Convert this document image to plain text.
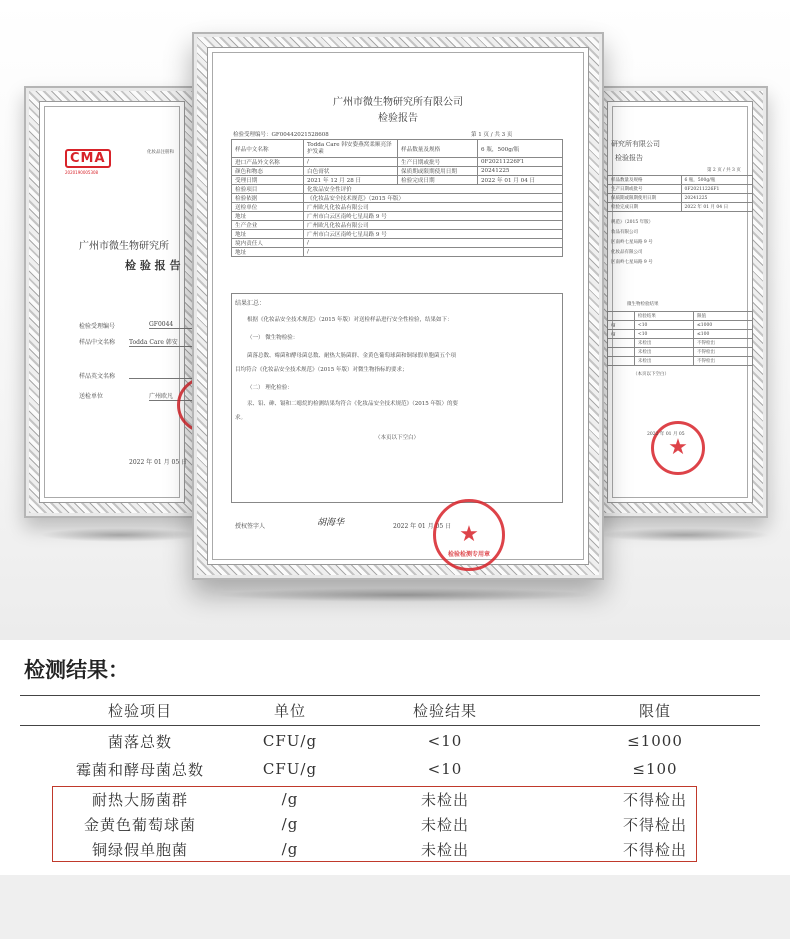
CMA
2020190005308
化妆品注册和
广州市微生物研究所
检 验 报 告
检验受理编号	GF0044
样品中文名称 Todda Care 韩安
样品英文名称
送检单位	广州欧凡
2022 年 01 月 05 日
研究所有限公司
检验报告
第 2 页 / 共 3 页
样品数量及规格	6 瓶，500g/瓶
生产日期或批号	0F20211226F1
保质期或限期使用日期	20241225
检验完成日期	2022 年 01 月 04 日
规范》（2015 年版）
妆品有限公司
区南岭七星局路 9 号
化妆品有限公司
区南岭七星局路 9 号
微生物检验结果
	检验结果	限值
/g	<10	≤1000
/g	<10	≤100
	未检出	不得检出
	未检出	不得检出
	未检出	不得检出
（本页以下空白）
★
2022 年 01 月 05
广州市微生物研究所有限公司
检验报告
检验受理编号：GF0044202152860​8	第 1 页 / 共 3 页
样品中文名称	Todda Care 韩安姿燕窝柔顺亮泽护发素	样品数量及规格	6 瓶，500g/瓶
进口产品外文名称	/	生产日期或批号	0F20211226F1
颜色和物态	白色膏状	保质期或限期使用日期	20241225
受理日期	2021 年 12 月 28 日	检验完成日期	2022 年 01 月 04 日
检验项目	化妆品安全性评价		
检验依据	《化妆品安全技术规范》（2015 年版）		
送检单位	广州欧凡化妆品有限公司		
地址	广州市白云区南岭七星局路 9 号		
生产企业	广州欧凡化妆品有限公司		
地址	广州市白云区南岭七星局路 9 号		
境内责任人	/		
地址	/		
结果汇总：
根据《化妆品安全技术规范》（2015 年版）对送检样品进行安全性检验，结果如下：
（一） 微生物检验：
菌落总数、霉菌和酵母菌总数、耐热大肠菌群、金黄色葡萄球菌和铜绿假单胞菌五个项
目均符合《化妆品安全技术规范》（2015 年版）对微生物指标的要求；
（二） 理化检验：
汞、铅、砷、镉和二噁烷的检测结果均符合《化妆品安全技术规范》（2015 年版）的要
求。
（本页以下空白）
授权签字人	胡海华	2022 年 01 月 05 日 ★
检验检测专用章
检测结果：
检验项目	单位	检验结果	限值
菌落总数	CFU/g	<10	≤1000
霉菌和酵母菌总数	CFU/g	<10	≤100
耐热大肠菌群	/g	未检出	不得检出
金黄色葡萄球菌	/g	未检出	不得检出
铜绿假单胞菌	/g	未检出	不得检出
